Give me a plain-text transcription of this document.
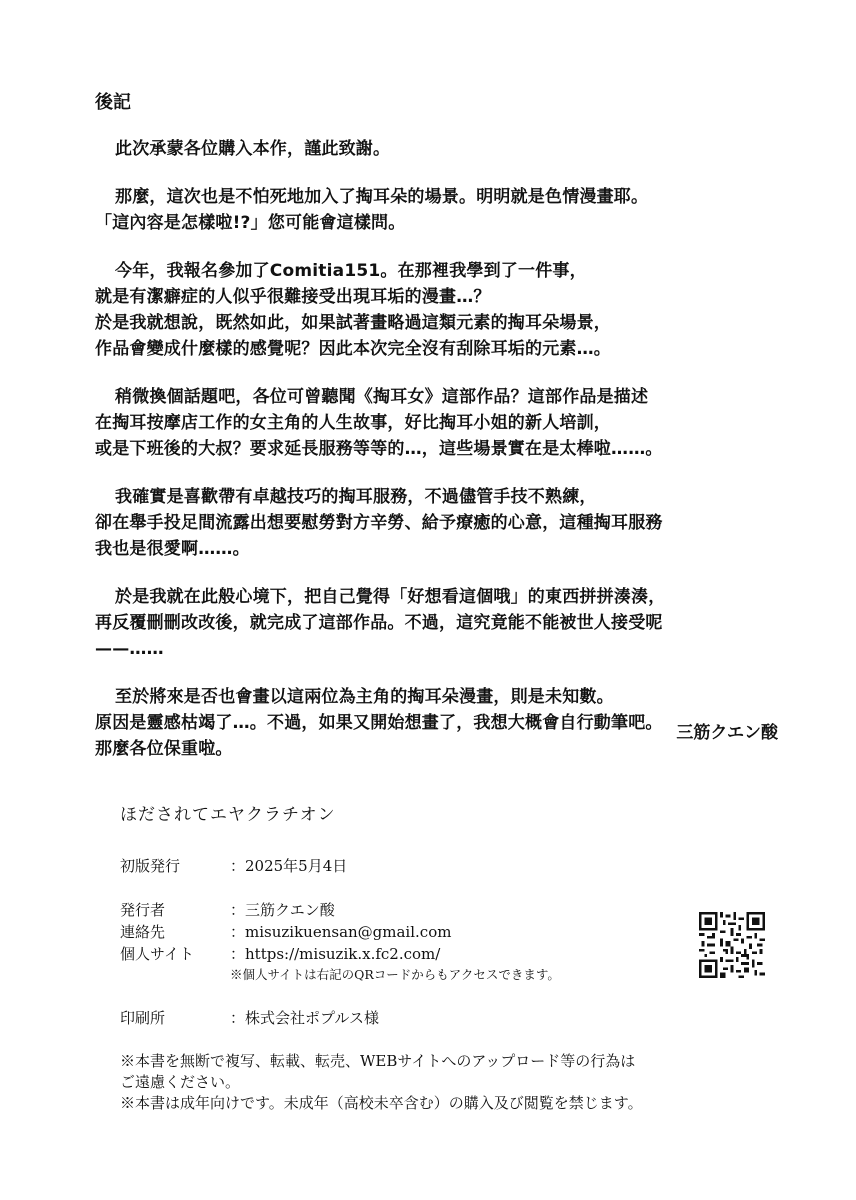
後記

此次承蒙各位購入本作，謹此致謝。

那麼，這次也是不怕死地加入了掏耳朵的場景。明明就是色情漫畫耶。

「這內容是怎樣啦!?」您可能會這樣問。

今年，我報名參加了Comitia151。在那裡我學到了一件事，

就是有潔癖症的人似乎很難接受出現耳垢的漫畫…？

於是我就想說，既然如此，如果試著畫略過這類元素的掏耳朵場景，

作品會變成什麼樣的感覺呢？因此本次完全沒有刮除耳垢的元素…。

稍微換個話題吧，各位可曾聽聞《掏耳女》這部作品？這部作品是描述

在掏耳按摩店工作的女主角的人生故事，好比掏耳小姐的新人培訓，

或是下班後的大叔？要求延長服務等等的…，這些場景實在是太棒啦……。

我確實是喜歡帶有卓越技巧的掏耳服務，不過儘管手技不熟練，

卻在舉手投足間流露出想要慰勞對方辛勞、給予療癒的心意，這種掏耳服務

我也是很愛啊……。

於是我就在此般心境下，把自己覺得「好想看這個哦」的東西拼拼湊湊，

再反覆刪刪改改後，就完成了這部作品。不過，這究竟能不能被世人接受呢

——……

至於將來是否也會畫以這兩位為主角的掏耳朵漫畫，則是未知數。

原因是靈感枯竭了…。不過，如果又開始想畫了，我想大概會自行動筆吧。

那麼各位保重啦。

三筋クエン酸
ほだされてエヤクラチオン
初版発行	：2025年5月4日
発行者	：三筋クエン酸
連絡先	：misuzikuensan@gmail.com
個人サイト	：https://misuzik.x.fc2.com/
※個人サイトは右記のQRコードからもアクセスできます。
印刷所	：株式会社ポプルス様

※本書を無断で複写、転載、転売、WEBサイトへのアップロード等の行為は

ご遠慮ください。

※本書は成年向けです。未成年（高校未卒含む）の購入及び閲覧を禁じます。
